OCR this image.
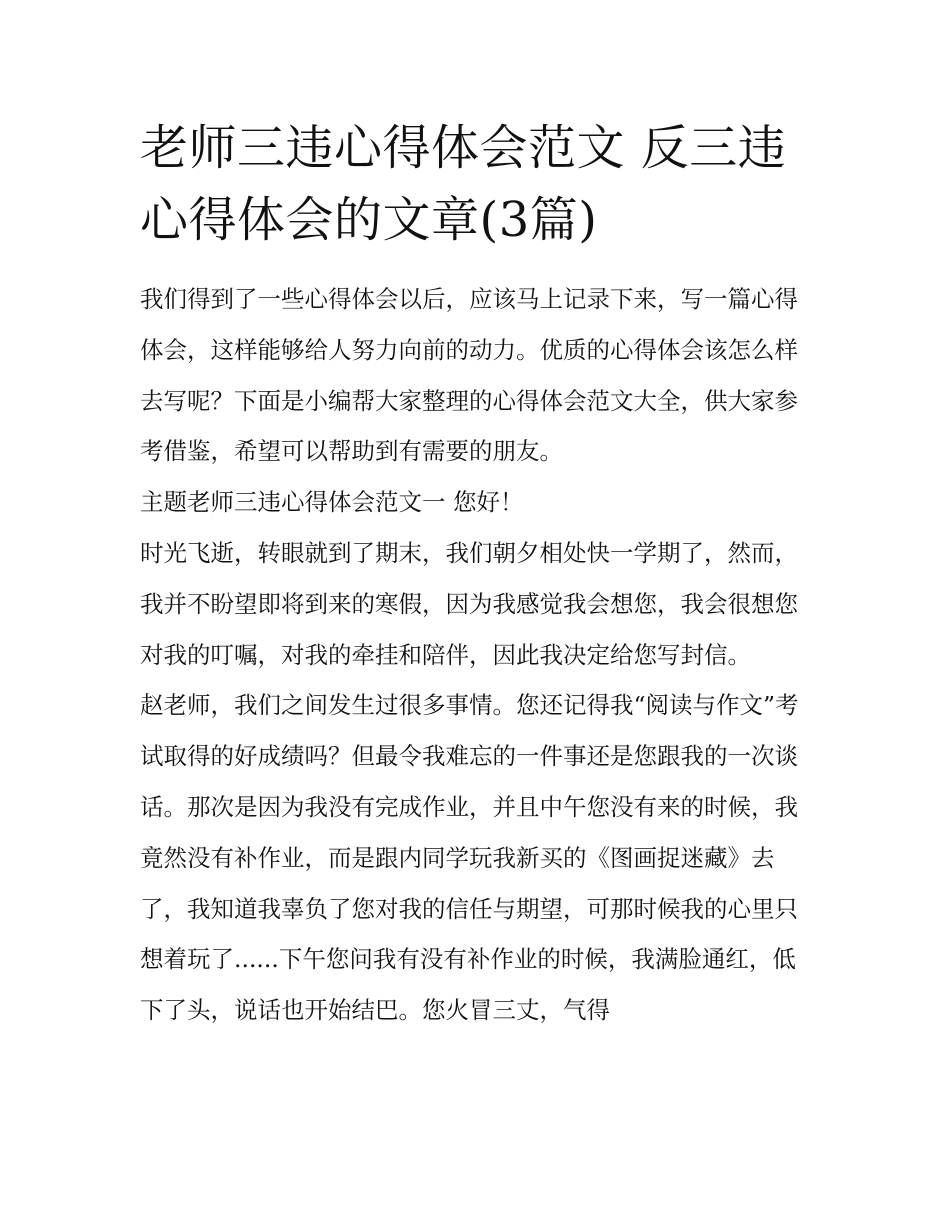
老师三违心得体会范文 反三违心得体会的文章(3篇)

我们得到了一些心得体会以后，应该马上记录下来，写一篇心得体会，这样能够给人努力向前的动力。优质的心得体会该怎么样去写呢？下面是小编帮大家整理的心得体会范文大全，供大家参考借鉴，希望可以帮助到有需要的朋友。

主题老师三违心得体会范文一 您好！

时光飞逝，转眼就到了期末，我们朝夕相处快一学期了，然而，我并不盼望即将到来的寒假，因为我感觉我会想您，我会很想您对我的叮嘱，对我的牵挂和陪伴，因此我决定给您写封信。

赵老师，我们之间发生过很多事情。您还记得我“阅读与作文”考试取得的好成绩吗？但最令我难忘的一件事还是您跟我的一次谈话。那次是因为我没有完成作业，并且中午您没有来的时候，我竟然没有补作业，而是跟内同学玩我新买的《图画捉迷藏》去了，我知道我辜负了您对我的信任与期望，可那时候我的心里只想着玩了......下午您问我有没有补作业的时候，我满脸通红，低下了头，说话也开始结巴。您火冒三丈，气得
